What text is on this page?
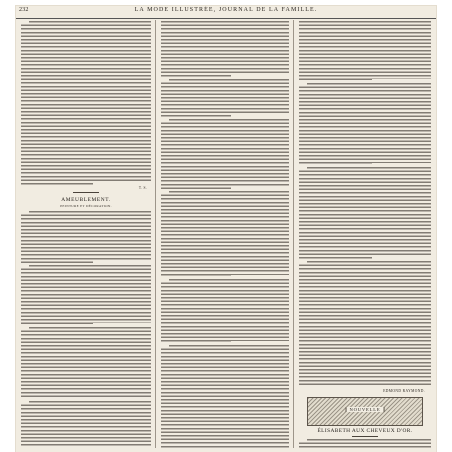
232	LA MODE ILLUSTRÉE, JOURNAL DE LA FAMILLE.
T. S.
AMEUBLEMENT.
PEINTURE ET DÉCORATION.
EDMOND RAYMOND.
NOUVELLE
ÉLISABETH AUX CHEVEUX D'OR.
